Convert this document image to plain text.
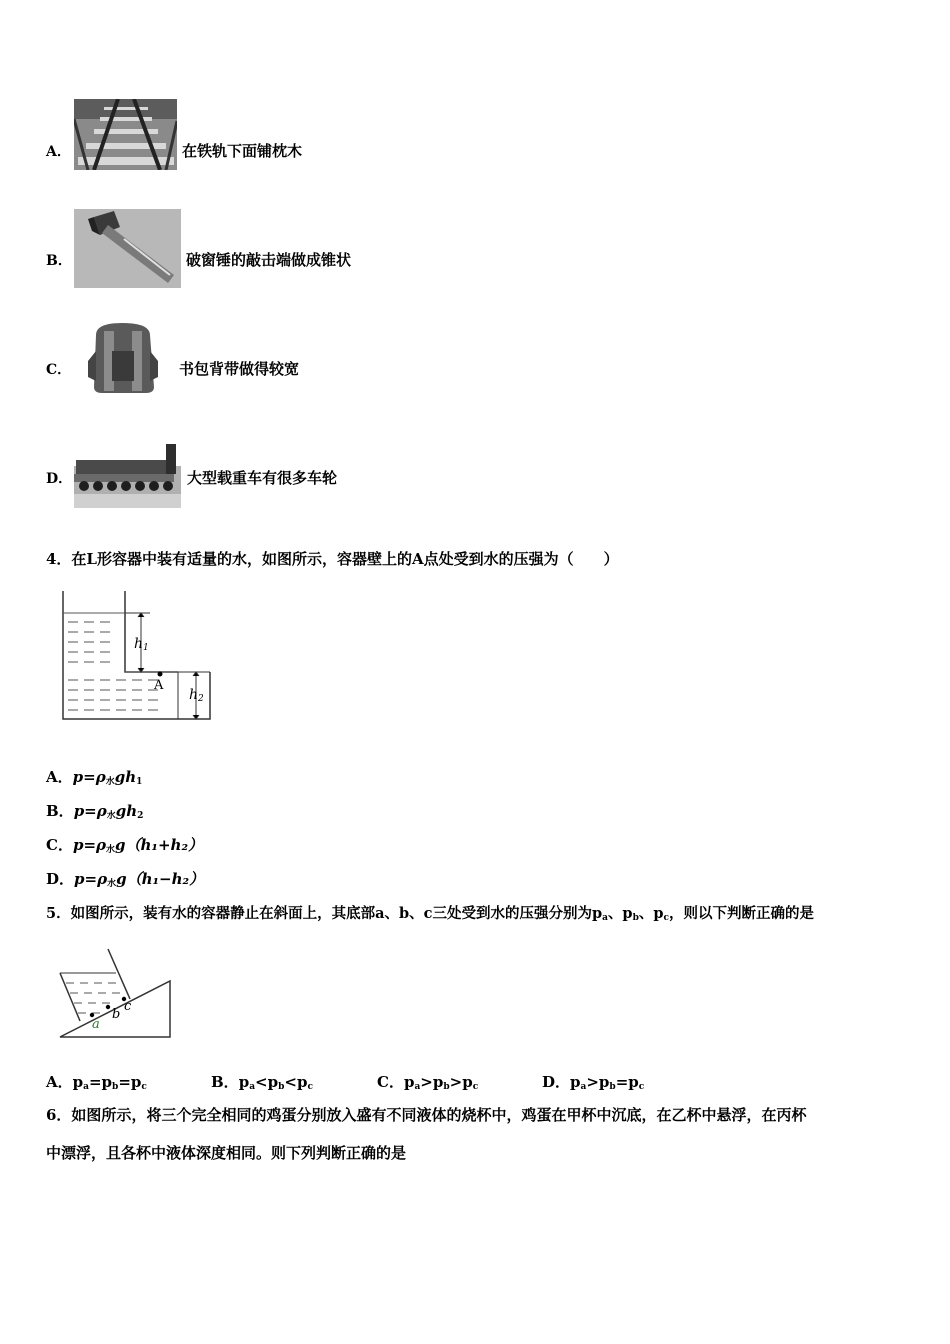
A．	在铁轨下面铺枕木
B．	破窗锤的敲击端做成锥状
C．	书包背带做得较宽
D．	大型载重车有很多车轮
4．在L形容器中装有适量的水，如图所示，容器壁上的A点处受到水的压强为（　　）
$h_1$
A
$h_2$
A．$p=\rho_水gh_1$
B．$p=\rho_水gh_2$
C．$p=\rho_水g(h_1+h_2)$
D．$p=\rho_水g(h_1-h_2)$
5．如图所示，装有水的容器静止在斜面上，其底部a、b、c三处受到水的压强分别为$p_a$、$p_b$、$p_c$，则以下判断正确的是
a
b
c
A．$p_a=p_b=p_c$	B．$p_a<p_b<p_c$	C．$p_a>p_b>p_c$	D．$p_a>p_b=p_c$
6．如图所示，将三个完全相同的鸡蛋分别放入盛有不同液体的烧杯中，鸡蛋在甲杯中沉底，在乙杯中悬浮，在丙杯
中漂浮，且各杯中液体深度相同。则下列判断正确的是
